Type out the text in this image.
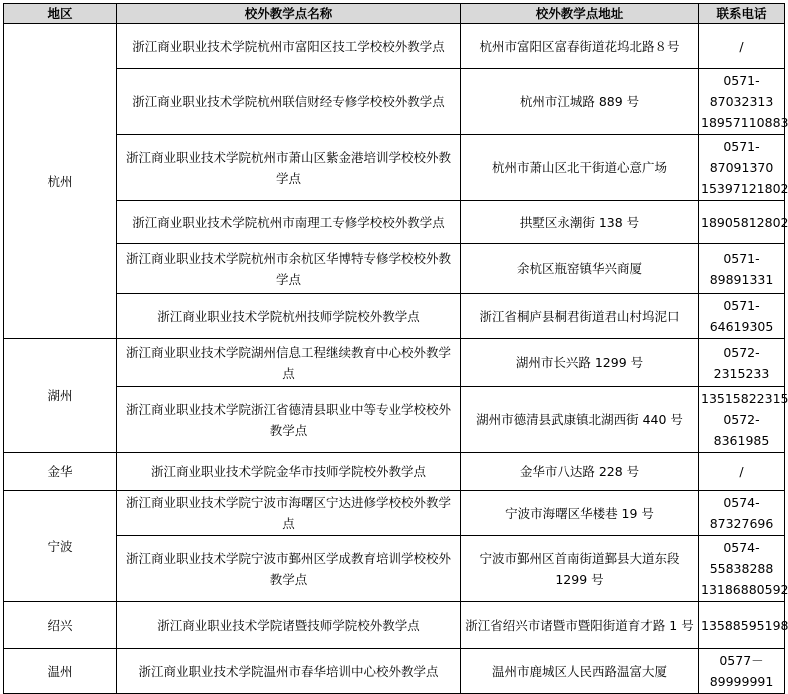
地区	校外教学点名称	校外教学点地址	联系电话
杭州	浙江商业职业技术学院杭州市富阳区技工学校校外教学点	杭州市富阳区富春街道花坞北路８号	/
	浙江商业职业技术学院杭州联信财经专修学校校外教学点	杭州市江城路 889 号	0571-87032313
18957110883
	浙江商业职业技术学院杭州市萧山区紫金港培训学校校外教学点	杭州市萧山区北干街道心意广场	0571-87091370
15397121802
	浙江商业职业技术学院杭州市南理工专修学校校外教学点	拱墅区永潮街 138 号	18905812802
	浙江商业职业技术学院杭州市余杭区华博特专修学校校外教学点	余杭区瓶窑镇华兴商厦	0571-89891331
	浙江商业职业技术学院杭州技师学院校外教学点	浙江省桐庐县桐君街道君山村坞泥口	0571-64619305
湖州	浙江商业职业技术学院湖州信息工程继续教育中心校外教学点	湖州市长兴路 1299 号	0572-2315233
	浙江商业职业技术学院浙江省德清县职业中等专业学校校外教学点	湖州市德清县武康镇北湖西街 440 号	13515822315
0572-8361985
金华	浙江商业职业技术学院金华市技师学院校外教学点	金华市八达路 228 号	/
宁波	浙江商业职业技术学院宁波市海曙区宁达进修学校校外教学点	宁波市海曙区华楼巷 19 号	0574-87327696
	浙江商业职业技术学院宁波市鄞州区学成教育培训学校校外教学点	宁波市鄞州区首南街道鄞县大道东段 1299 号	0574-55838288
13186880592
绍兴	浙江商业职业技术学院诸暨技师学院校外教学点	浙江省绍兴市诸暨市暨阳街道育才路 1 号	13588595198
温州	浙江商业职业技术学院温州市春华培训中心校外教学点	温州市鹿城区人民西路温富大厦	0577－89999991
